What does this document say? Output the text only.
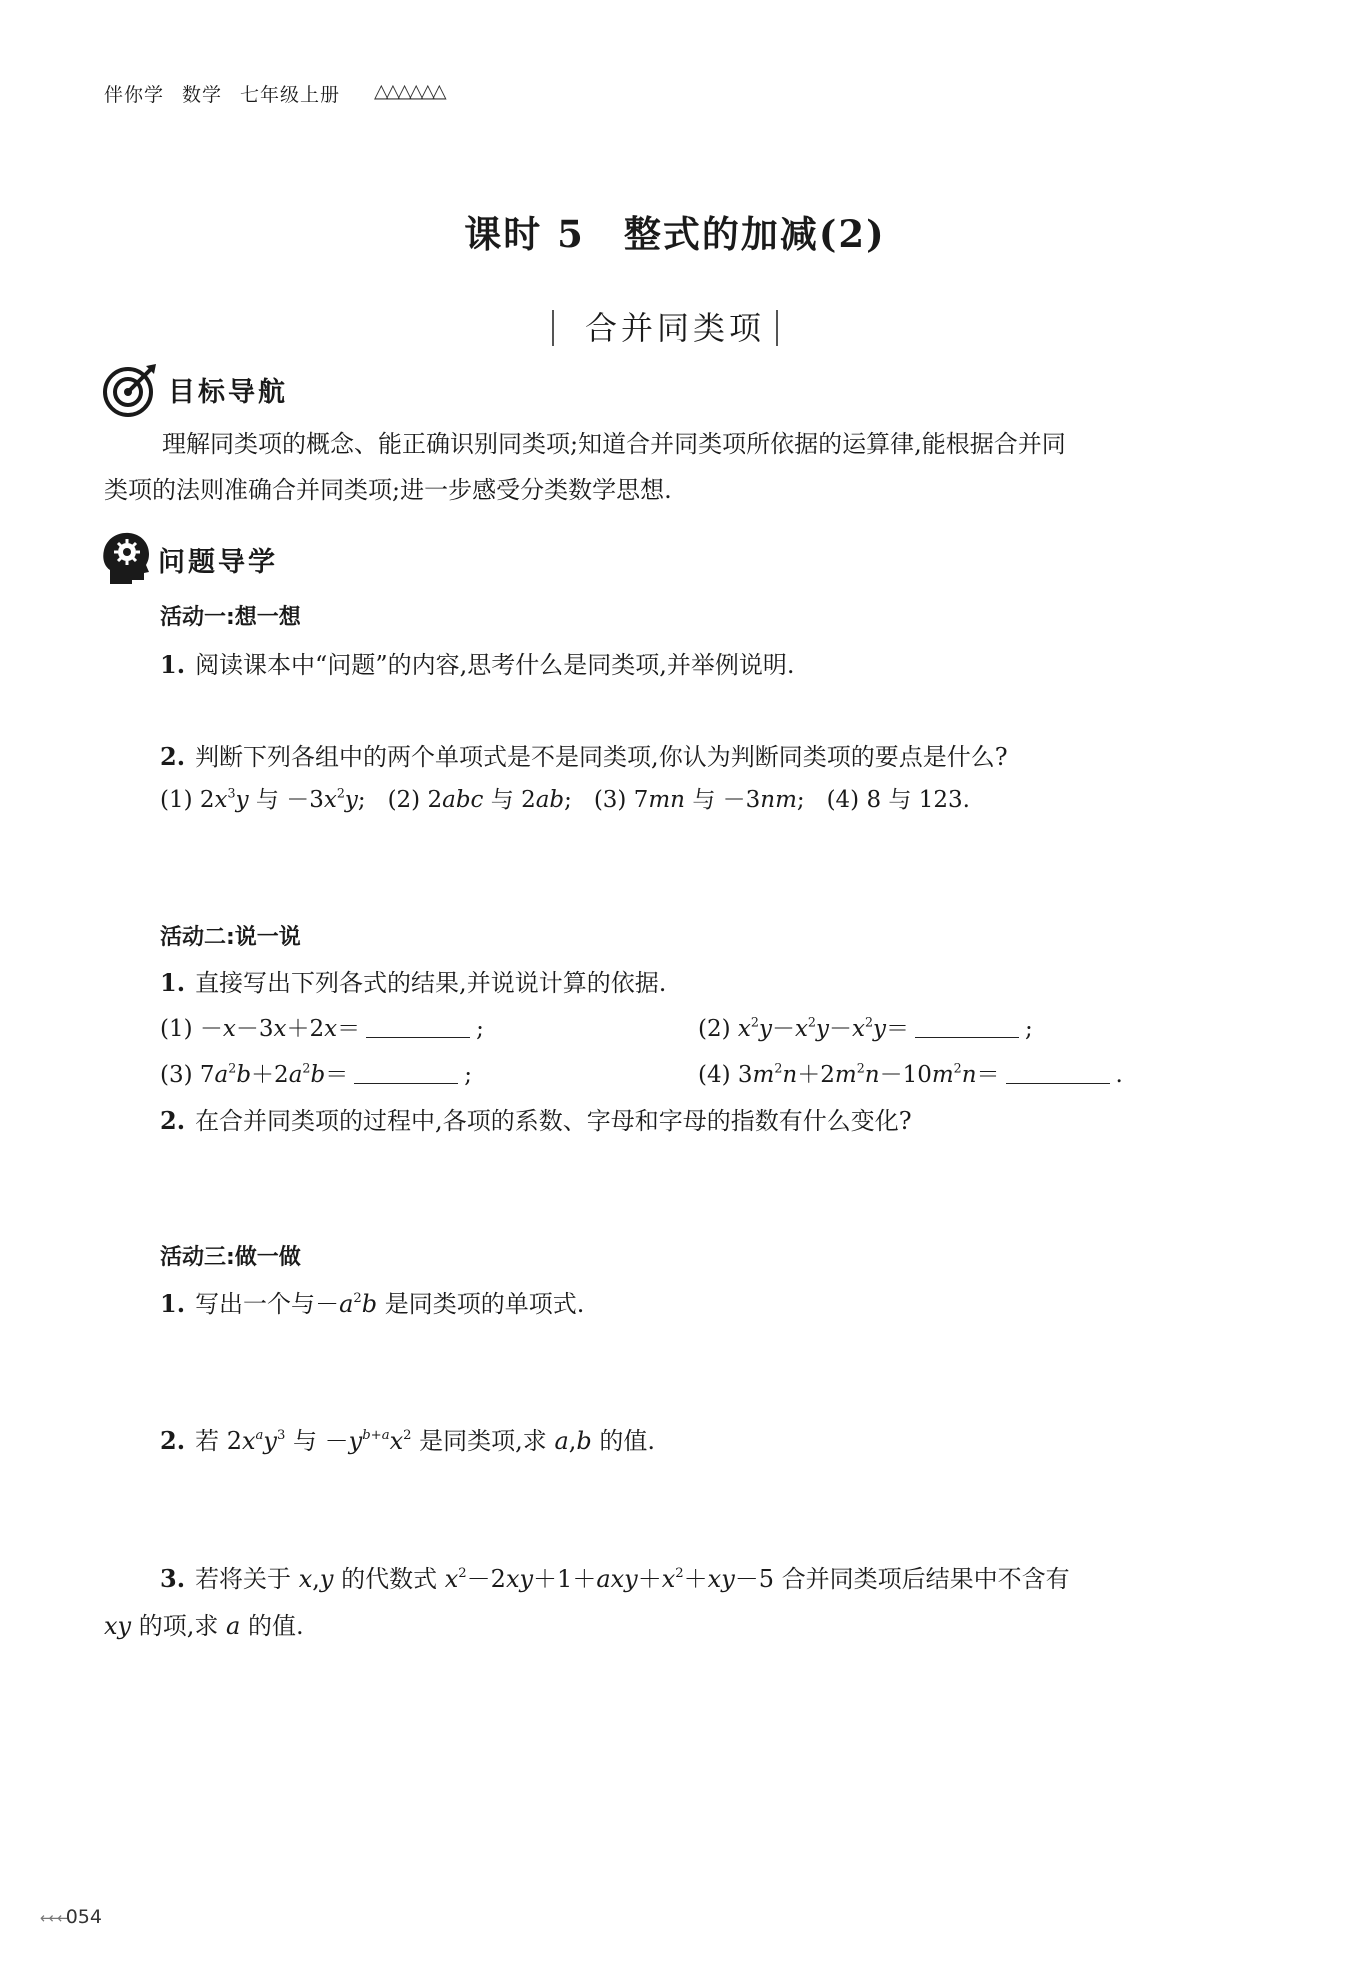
伴你学 数学 七年级上册 △△△△△△
课时 5　整式的加减(2)
合并同类项
目标导航
理解同类项的概念、能正确识别同类项;知道合并同类项所依据的运算律,能根据合并同
类项的法则准确合并同类项;进一步感受分类数学思想.
问题导学
活动一:想一想
1. 阅读课本中“问题”的内容,思考什么是同类项,并举例说明.
2. 判断下列各组中的两个单项式是不是同类项,你认为判断同类项的要点是什么?
(1) $2x^3y$ 与 $-3x^2y$; (2) 2abc 与 2ab; (3) 7mn 与 －3nm; (4) 8 与 123.
活动二:说一说
1. 直接写出下列各式的结果,并说说计算的依据.
(1) －x－3x＋2x＝	;	(2) $x^2y-x^2y-x^2y=$	;
(3) $7a^2b+2a^2b=$	;	(4) $3m^2n+2m^2n-10m^2n=$	.
2. 在合并同类项的过程中,各项的系数、字母和字母的指数有什么变化?
活动三:做一做
1. 写出一个与$-a^2b$ 是同类项的单项式.
2. 若 $2x^ay^3$ 与 $-y^{b+a}x^2$ 是同类项,求 a,b 的值.
3. 若将关于 x,y 的代数式 $x^2-2xy+1+axy+x^2+xy-5$ 合并同类项后结果中不含有
xy 的项,求 a 的值.
←←←054
